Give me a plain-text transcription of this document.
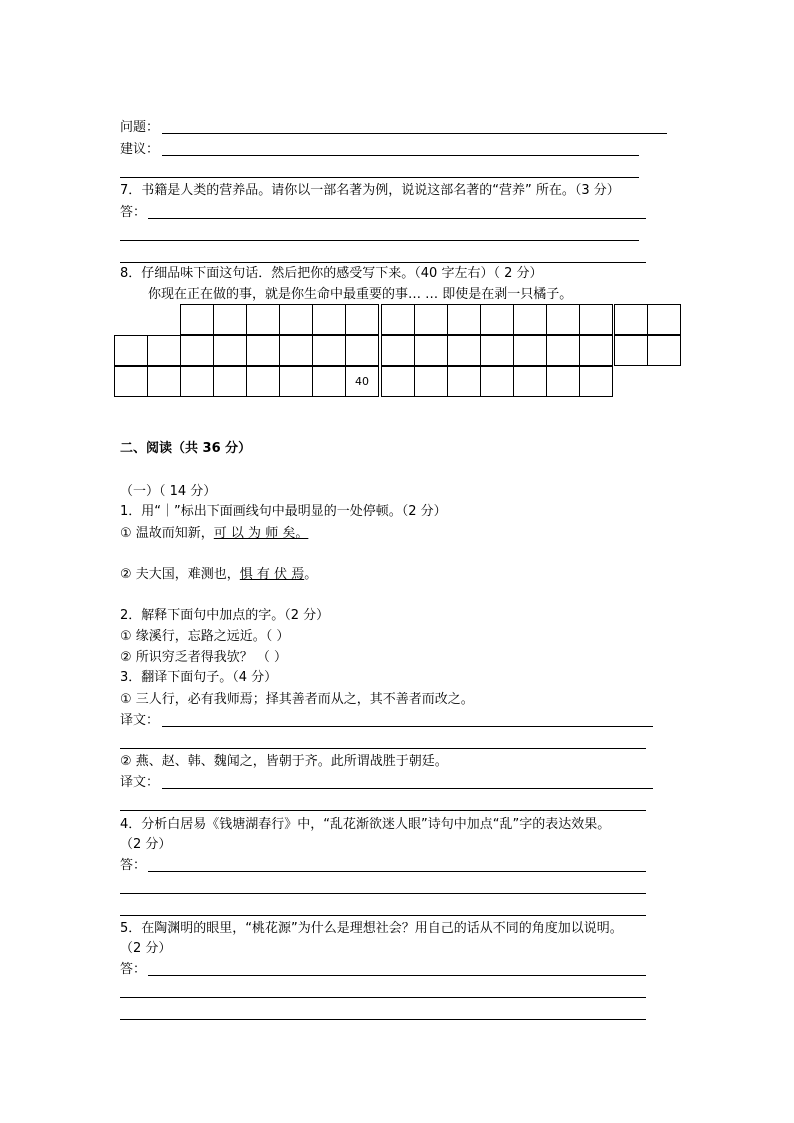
问题：
建议：
7．书籍是人类的营养品。请你以一部名著为例，说说这部名著的“营养” 所在。（3 分）
答：
8．仔细品味下面这句话．然后把你的感受写下来。（40 字左右）（ 2 分）
你现在正在做的事，就是你生命中最重要的事… … 即使是在剥一只橘子。
40
二、阅读（共 36 分）
（一）（ 14 分）
1．用“｜”标出下面画线句中最明显的一处停顿。（2 分）
① 温故而知新，可 以 为 师 矣。
② 夫大国，难测也，惧 有 伏 焉。
2．解释下面句中加点的字。（2 分）
① 缘溪行，忘路之远近。（ ）
② 所识穷乏者得我欤？ （ ）
3．翻译下面句子。（4 分）
① 三人行，必有我师焉；择其善者而从之，其不善者而改之。
译文：
② 燕、赵、韩、魏闻之，皆朝于齐。此所谓战胜于朝廷。
译文：
4．分析白居易《钱塘湖春行》中，“乱花渐欲迷人眼”诗句中加点“乱”字的表达效果。
（2 分）
答：
5．在陶渊明的眼里，“桃花源”为什么是理想社会？用自己的话从不同的角度加以说明。
（2 分）
答：
